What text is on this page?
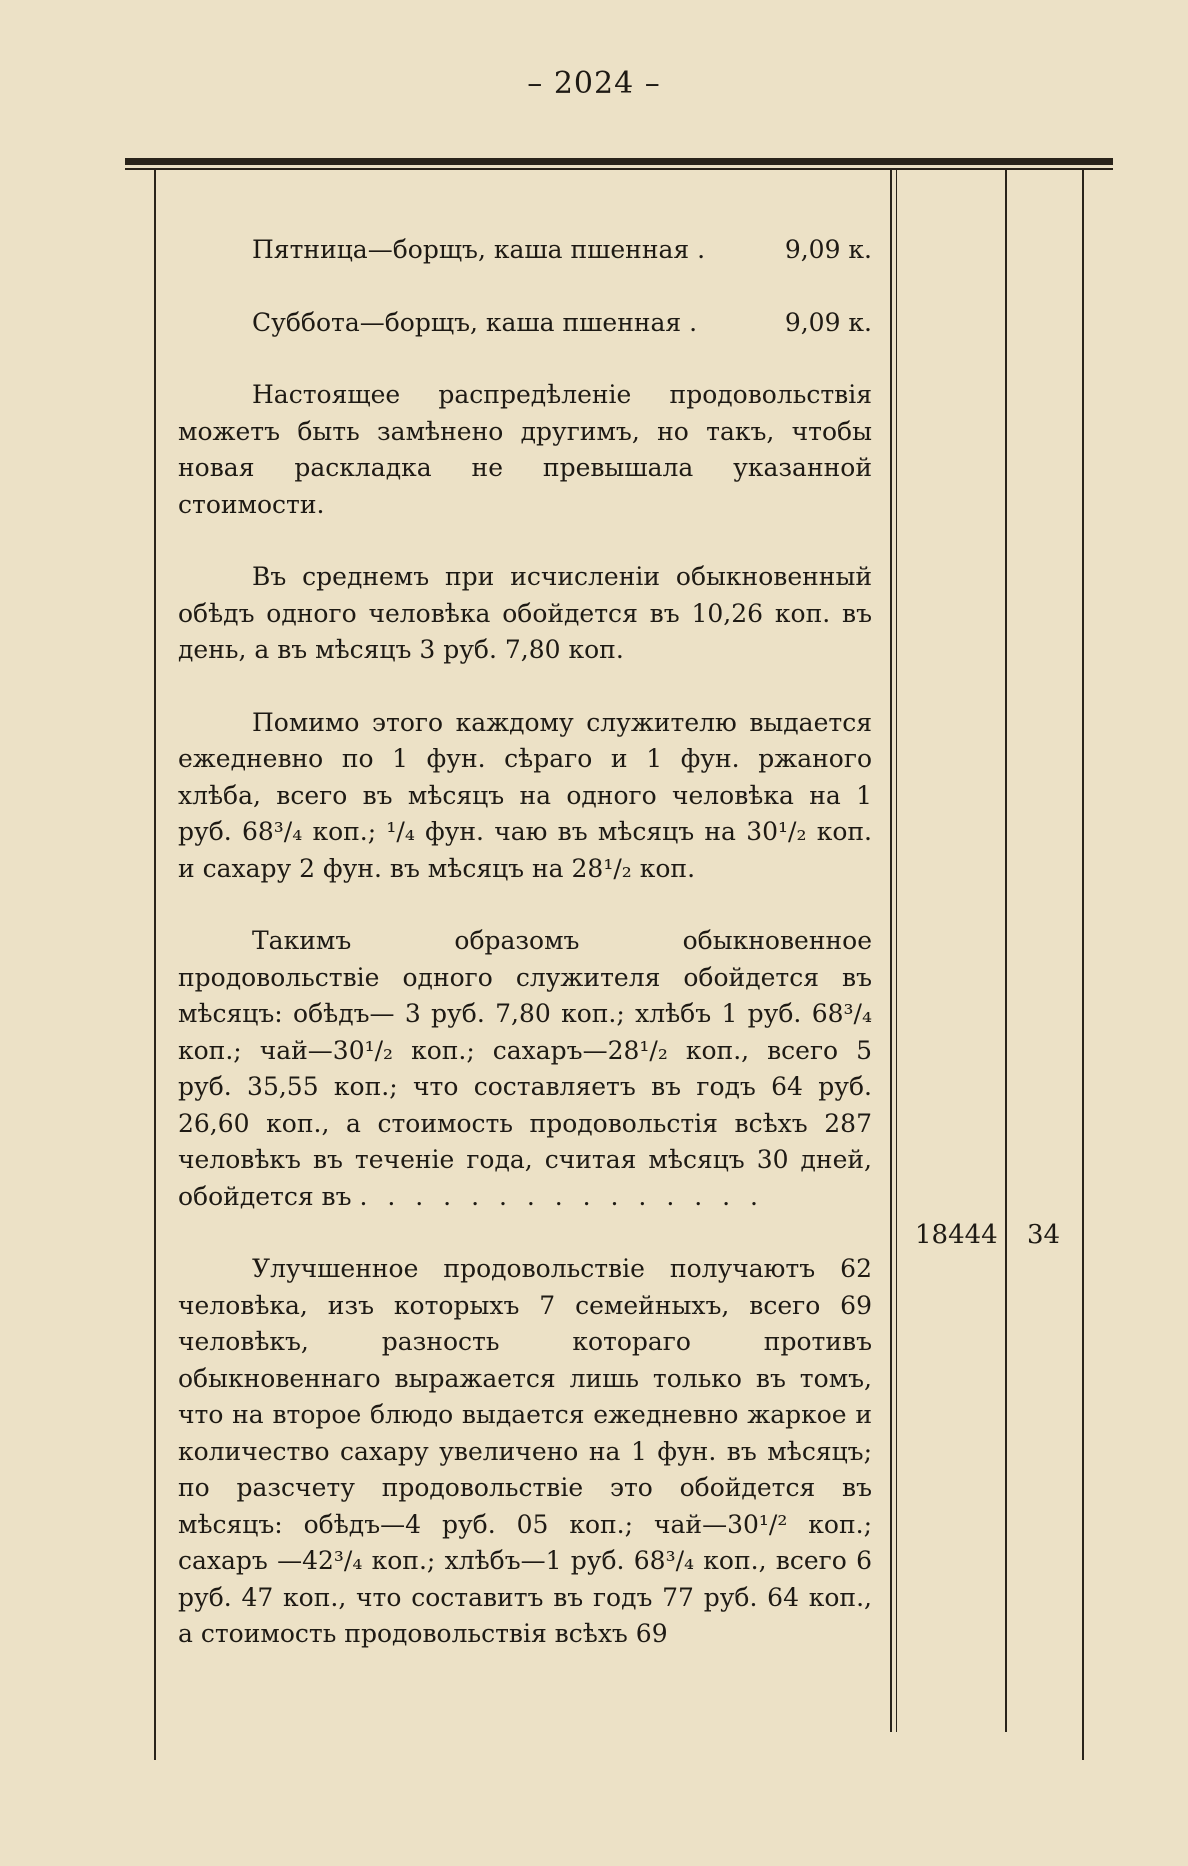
– 2024 –
Пятница—борщъ, каша пшенная .	9,09 к.
Суббота—борщъ, каша пшенная .	9,09 к.

Настоящее распредѣленіе продовольствія можетъ быть замѣнено другимъ, но такъ, чтобы новая раскладка не превышала указанной стоимости.

Въ среднемъ при исчисленіи обыкновенный обѣдъ одного человѣка обойдется въ 10,26 коп. въ день, а въ мѣсяцъ 3 руб. 7,80 коп.

Помимо этого каждому служителю выдается ежедневно по 1 фун. сѣраго и 1 фун. ржаного хлѣба, всего въ мѣсяцъ на одного человѣка на 1 руб. 68³/₄ коп.; ¹/₄ фун. чаю въ мѣсяцъ на 30¹/₂ коп. и сахару 2 фун. въ мѣсяцъ на 28¹/₂ коп.

Такимъ образомъ обыкновенное продовольствіе одного служителя обойдется въ мѣсяцъ: обѣдъ— 3 руб. 7,80 коп.; хлѣбъ 1 руб. 68³/₄ коп.; чай—30¹/₂ коп.; сахаръ—28¹/₂ коп., всего 5 руб. 35,55 коп.; что составляетъ въ годъ 64 руб. 26,60 коп., а стоимость продовольстія всѣхъ 287 человѣкъ въ теченіе года, считая мѣсяцъ 30 дней, обойдется въ . . . . . . . . . . . . . . .

Улучшенное продовольствіе получаютъ 62 человѣка, изъ которыхъ 7 семейныхъ, всего 69 человѣкъ, разность котораго противъ обыкновеннаго выражается лишь только въ томъ, что на второе блюдо выдается ежедневно жаркое и количество сахару увеличено на 1 фун. въ мѣсяцъ; по разсчету продовольствіе это обойдется въ мѣсяцъ: обѣдъ—4 руб. 05 коп.; чай—30¹/² коп.; сахаръ —42³/₄ коп.; хлѣбъ—1 руб. 68³/₄ коп., всего 6 руб. 47 коп., что составитъ въ годъ 77 руб. 64 коп., а стоимость продовольствія всѣхъ 69

18444 34
